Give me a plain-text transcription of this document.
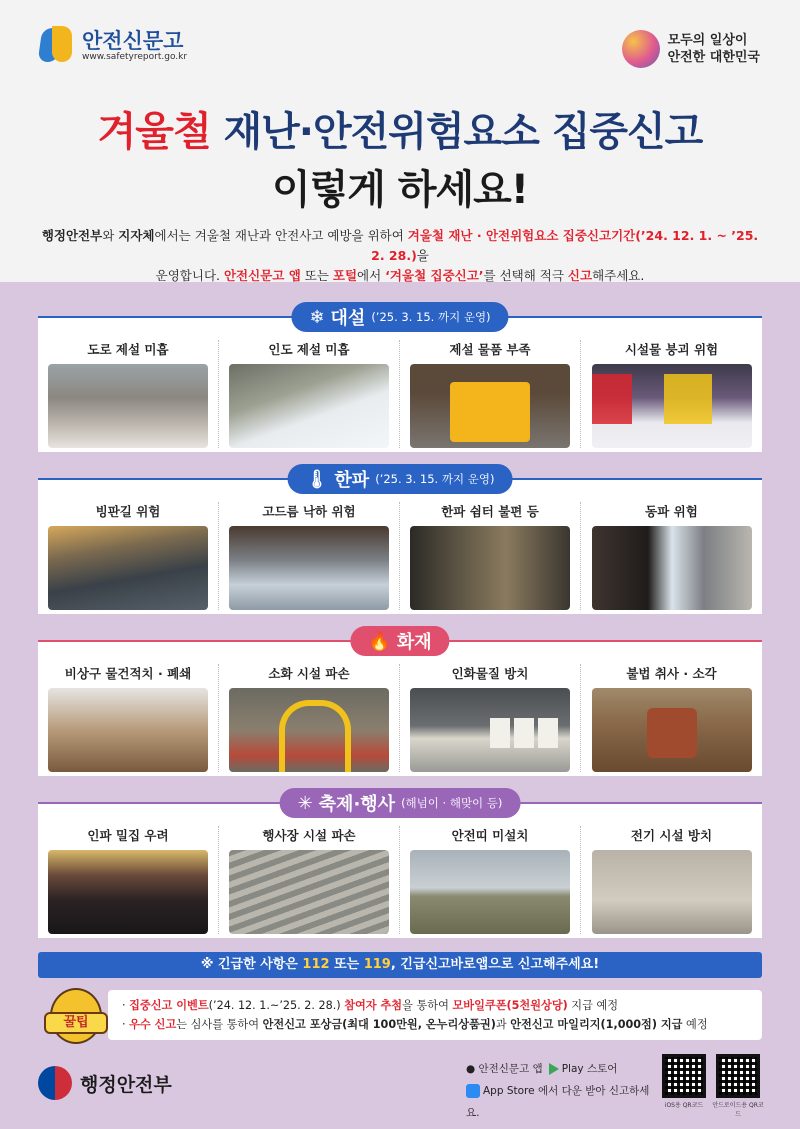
안전신문고
www.safetyreport.go.kr
모두의 일상이
안전한 대한민국
겨울철 재난·안전위험요소 집중신고
이렇게 하세요!
행정안전부와 지자체에서는 겨울철 재난과 안전사고 예방을 위하여 겨울철 재난 · 안전위험요소 집중신고기간(’24. 12. 1. ~ ’25. 2. 28.)을
운영합니다. 안전신문고 앱 또는 포털에서 ‘겨울철 집중신고’를 선택해 적극 신고해주세요.
❄ 대설 (’25. 3. 15. 까지 운영)
도로 제설 미흡	인도 제설 미흡	제설 물품 부족	시설물 붕괴 위험
🌡 한파 (’25. 3. 15. 까지 운영)
빙판길 위험	고드름 낙하 위험	한파 쉼터 불편 등	동파 위험
🔥 화재
비상구 물건적치 · 폐쇄	소화 시설 파손	인화물질 방치	불법 취사 · 소각
✳ 축제·행사 (해넘이 · 해맞이 등)
인파 밀집 우려	행사장 시설 파손	안전띠 미설치	전기 시설 방치
※ 긴급한 사항은 112 또는 119, 긴급신고바로앱으로 신고해주세요!
꿀팁
· 집중신고 이벤트(’24. 12. 1.~’25. 2. 28.) 참여자 추첨을 통하여 모바일쿠폰(5천원상당) 지급 예정
· 우수 신고는 심사를 통하여 안전신고 포상금(최대 100만원, 온누리상품권)과 안전신고 마일리지(1,000점) 지급 예정
행정안전부
● 안전신문고 앱 Play 스토어
App Store 에서 다운 받아 신고하세요.
iOS용 QR코드	안드로이드용 QR코드
